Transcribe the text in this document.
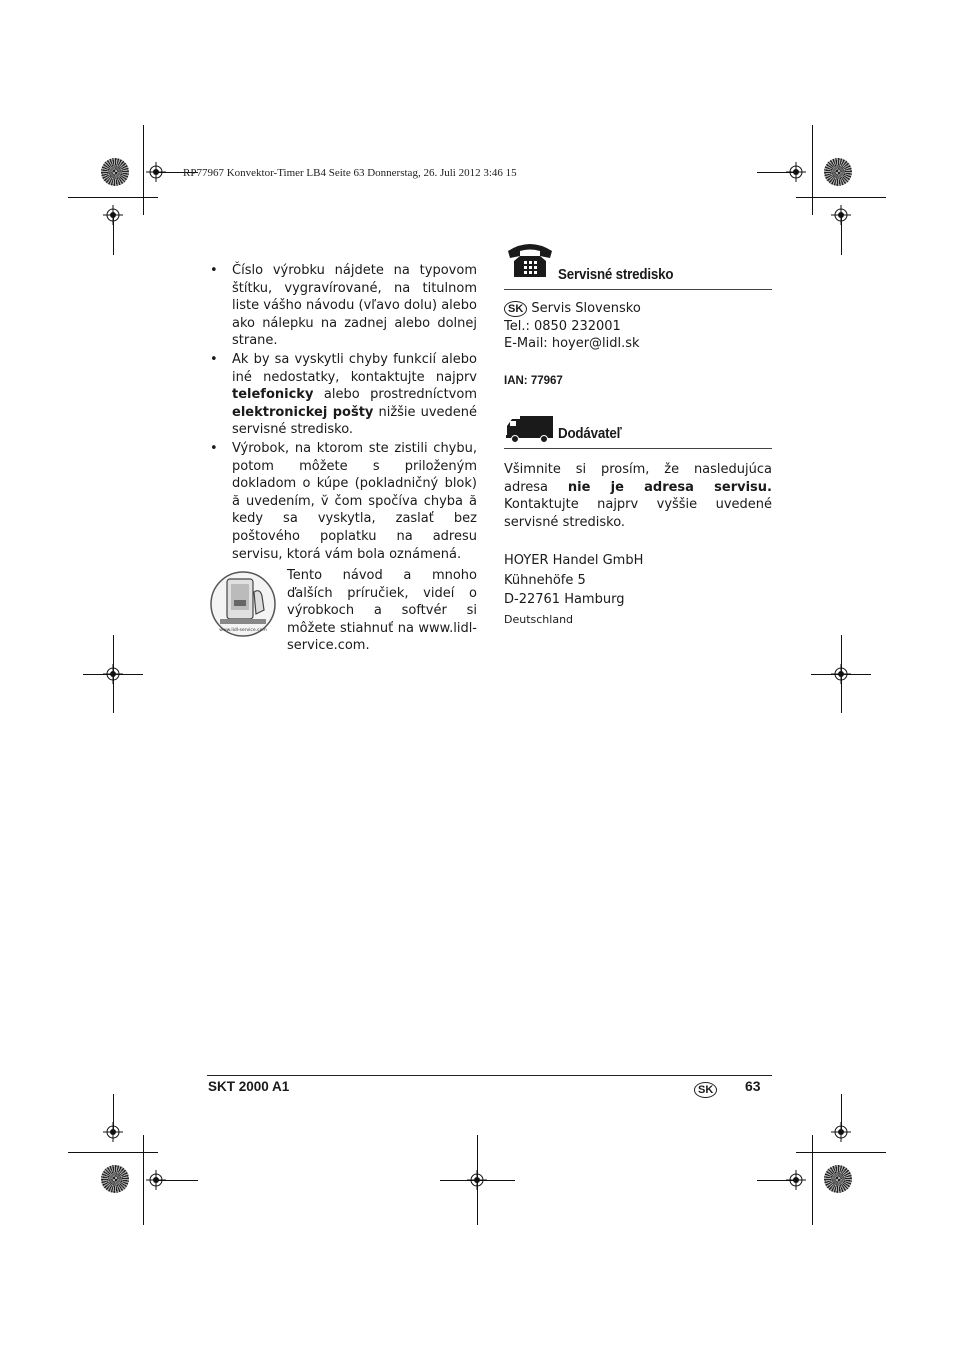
RP77967 Konvektor-Timer LB4 Seite 63 Donnerstag, 26. Juli 2012 3:46 15
• Číslo výrobku nájdete na typovom štítku, vygravírované, na titulnom liste vášho návodu (vľavo dolu) alebo ako nálepku na zadnej alebo dolnej strane.
• Ak by sa vyskytli chyby funkcií alebo iné nedostatky, kontaktujte najprv telefonicky alebo prostredníctvom elektronickej pošty nižšie uvedené servisné stredisko.
• Výrobok, na ktorom ste zistili chybu, potom môžete s priloženým dokladom o kúpe (pokladničný blok) ă uvedením, v̆ čom spočíva chyba ă kedy sa vyskytla, zaslať bez poštového poplatku na adresu servisu, ktorá vám bola oznámená.
www.lidl-service.com
Tento návod a mnoho ďalších príručiek, videí o výrobkoch a softvér si môžete stiahnuť na www.lidl-service.com.
Servisné stredisko
SK Servis Slovensko
Tel.: 0850 232001
E-Mail: hoyer@lidl.sk
IAN: 77967
Dodávateľ
Všimnite si prosím, že nasledujúca adresa nie je adresa servisu. Kontaktujte najprv vyššie uvedené servisné stredisko.
HOYER Handel GmbH
Kühnehöfe 5
D-22761 Hamburg
Deutschland
SKT 2000 A1	SK 63
